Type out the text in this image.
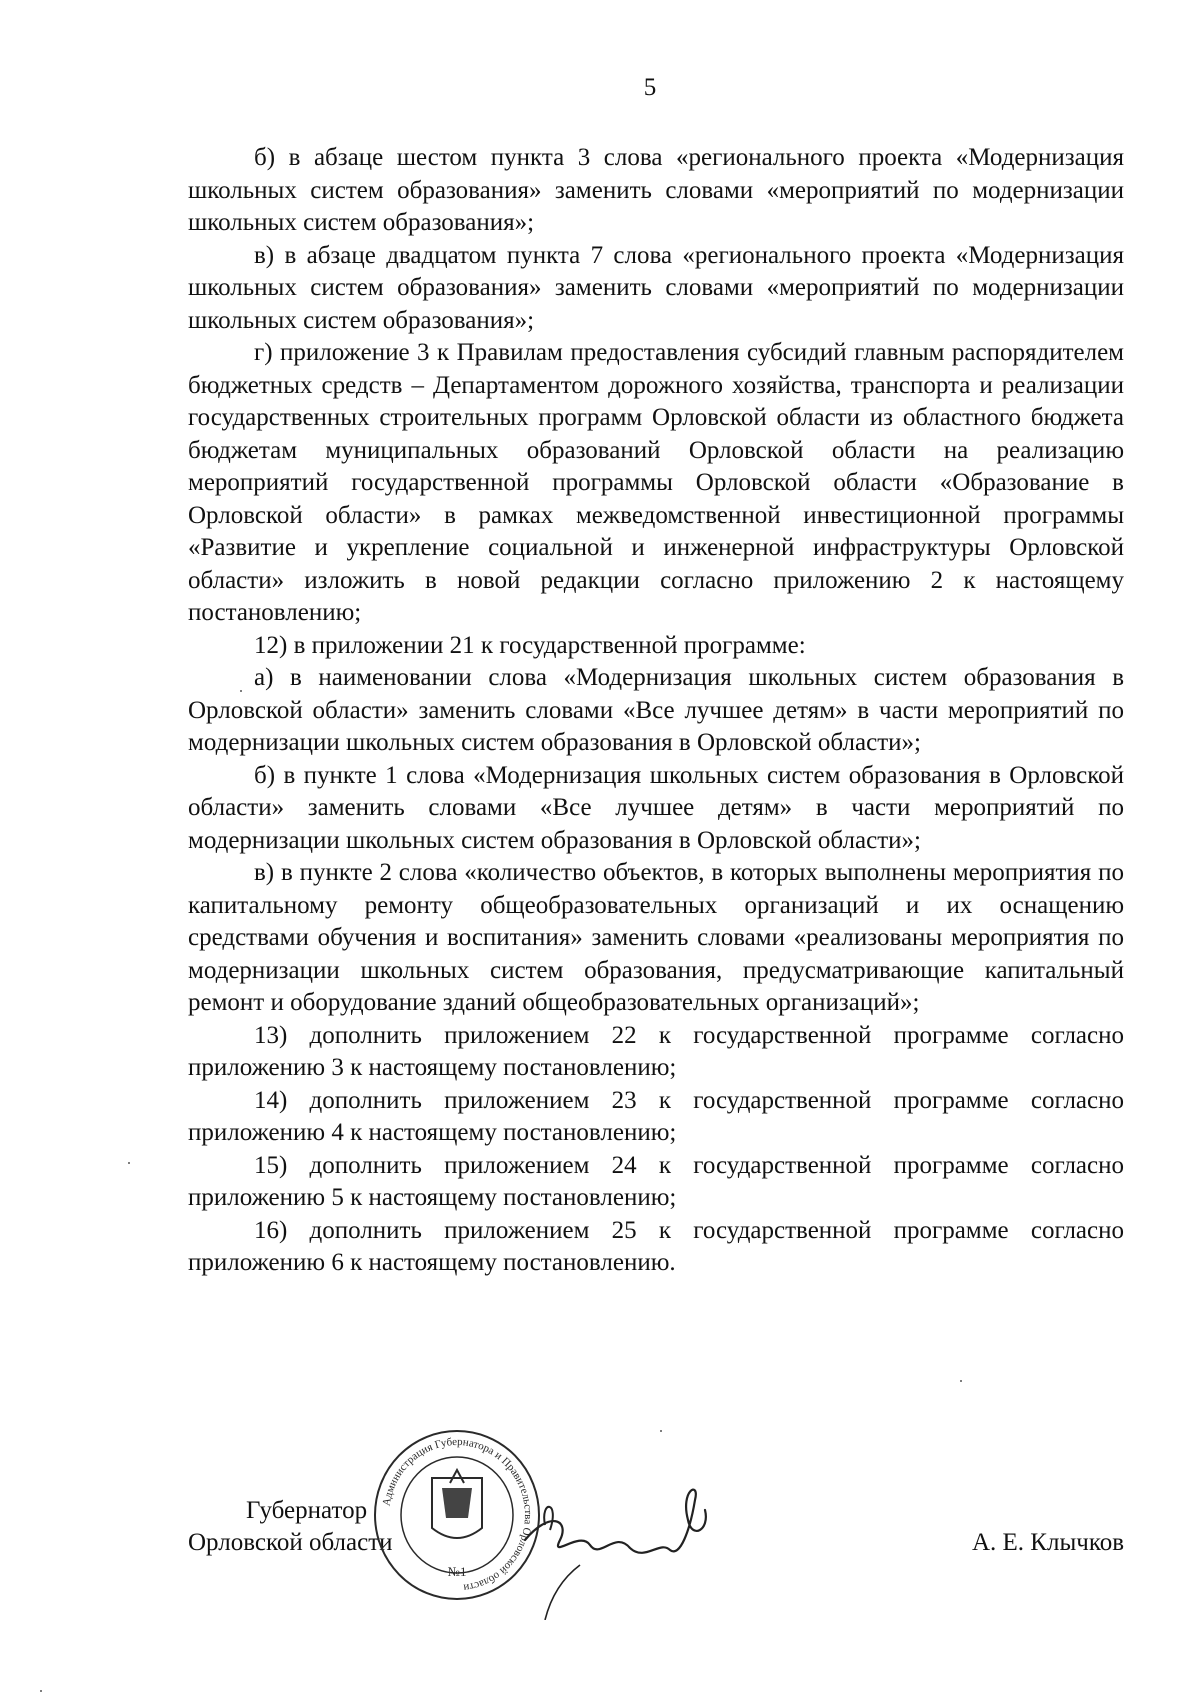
5

б) в абзаце шестом пункта 3 слова «регионального проекта «Модернизация школьных систем образования» заменить словами «мероприятий по модернизации школьных систем образования»;

в) в абзаце двадцатом пункта 7 слова «регионального проекта «Модернизация школьных систем образования» заменить словами «мероприятий по модернизации школьных систем образования»;

г) приложение 3 к Правилам предоставления субсидий главным распорядителем бюджетных средств – Департаментом дорожного хозяйства, транспорта и реализации государственных строительных программ Орловской области из областного бюджета бюджетам муниципальных образований Орловской области на реализацию мероприятий государственной программы Орловской области «Образование в Орловской области» в рамках межведомственной инвестиционной программы «Развитие и укрепление социальной и инженерной инфраструктуры Орловской области» изложить в новой редакции согласно приложению 2 к настоящему постановлению;

12) в приложении 21 к государственной программе:

а) в наименовании слова «Модернизация школьных систем образования в Орловской области» заменить словами «Все лучшее детям» в части мероприятий по модернизации школьных систем образования в Орловской области»;

б) в пункте 1 слова «Модернизация школьных систем образования в Орловской области» заменить словами «Все лучшее детям» в части мероприятий по модернизации школьных систем образования в Орловской области»;

в) в пункте 2 слова «количество объектов, в которых выполнены мероприятия по капитальному ремонту общеобразовательных организаций и их оснащению средствами обучения и воспитания» заменить словами «реализованы мероприятия по модернизации школьных систем образования, предусматривающие капитальный ремонт и оборудование зданий общеобразовательных организаций»;

13) дополнить приложением 22 к государственной программе согласно приложению 3 к настоящему постановлению;

14) дополнить приложением 23 к государственной программе согласно приложению 4 к настоящему постановлению;

15) дополнить приложением 24 к государственной программе согласно приложению 5 к настоящему постановлению;

16) дополнить приложением 25 к государственной программе согласно приложению 6 к настоящему постановлению.

Губернатор
Орловской области	А. Е. Клычков
Администрация Губернатора и Правительства Орловской области
№1
